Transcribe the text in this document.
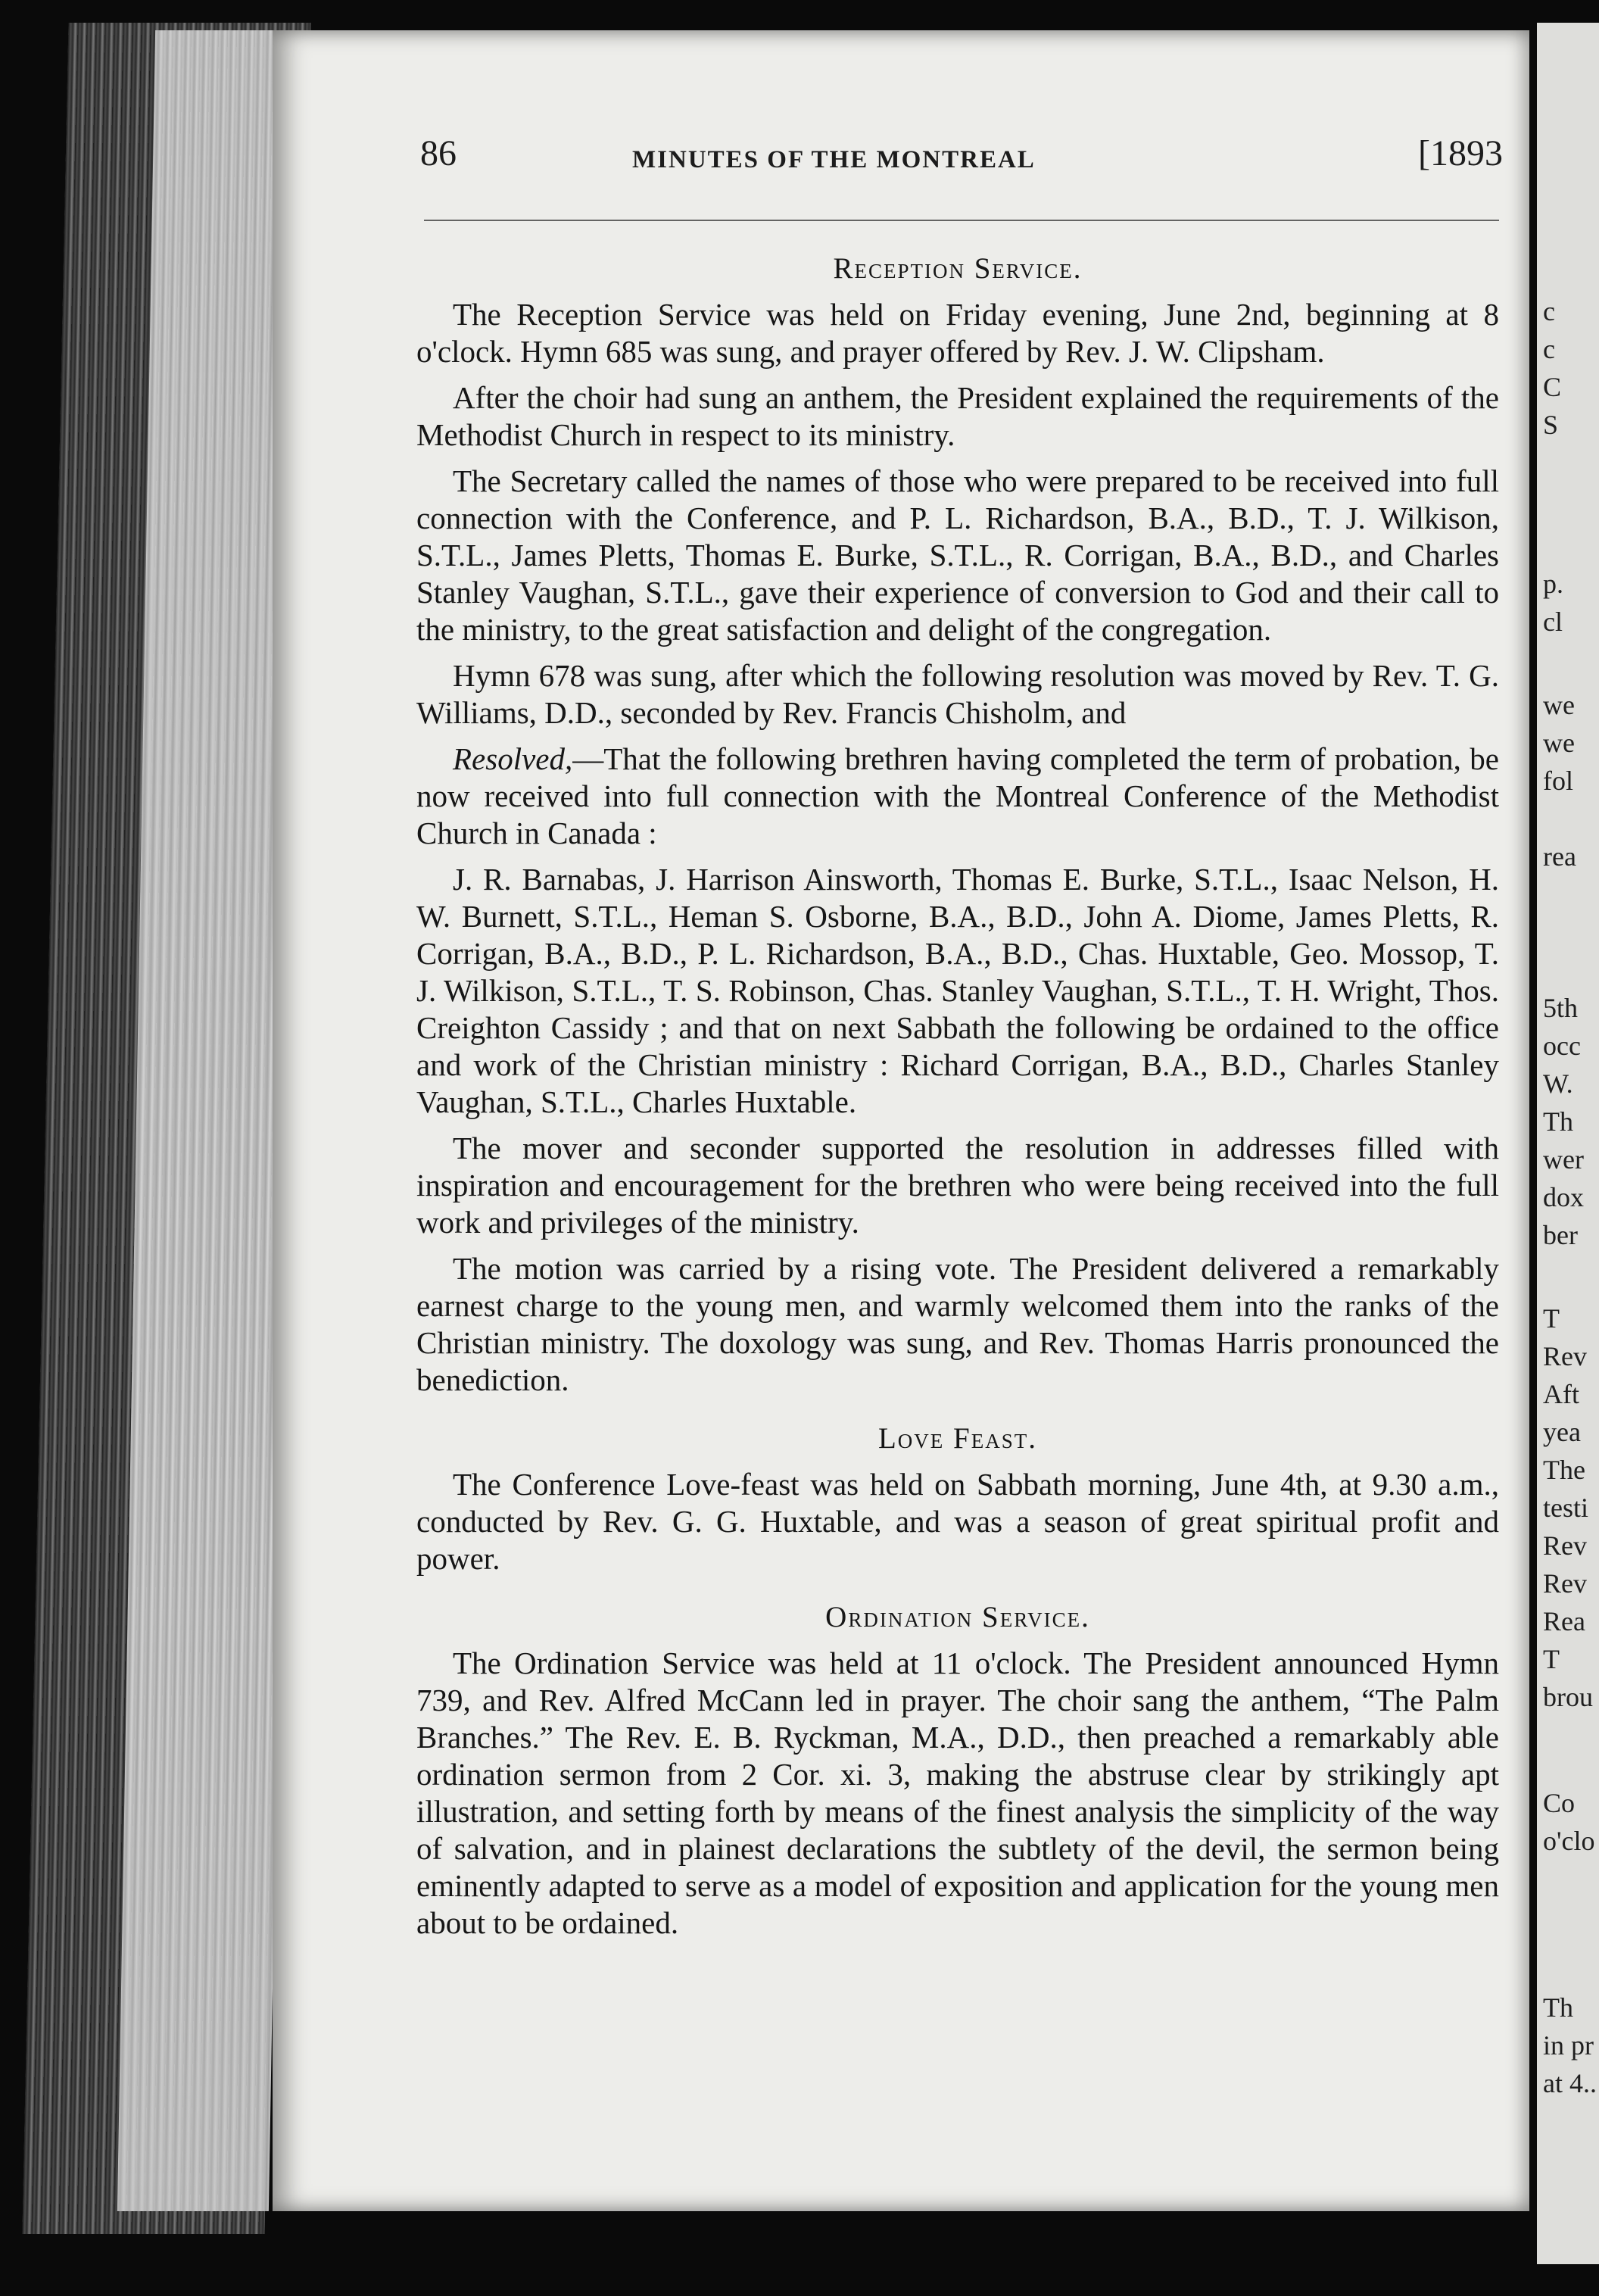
86	MINUTES OF THE MONTREAL	[1893
Reception Service.

The Reception Service was held on Friday evening, June 2nd, beginning at 8 o'clock. Hymn 685 was sung, and prayer offered by Rev. J. W. Clipsham.

After the choir had sung an anthem, the President explained the requirements of the Methodist Church in respect to its ministry.

The Secretary called the names of those who were prepared to be received into full connection with the Conference, and P. L. Richardson, B.A., B.D., T. J. Wilkison, S.T.L., James Pletts, Thomas E. Burke, S.T.L., R. Corrigan, B.A., B.D., and Charles Stanley Vaughan, S.T.L., gave their experience of conversion to God and their call to the ministry, to the great satisfaction and delight of the congregation.

Hymn 678 was sung, after which the following resolution was moved by Rev. T. G. Williams, D.D., seconded by Rev. Francis Chisholm, and

Resolved,—That the following brethren having completed the term of probation, be now received into full connection with the Montreal Conference of the Methodist Church in Canada :

J. R. Barnabas, J. Harrison Ainsworth, Thomas E. Burke, S.T.L., Isaac Nelson, H. W. Burnett, S.T.L., Heman S. Osborne, B.A., B.D., John A. Diome, James Pletts, R. Corrigan, B.A., B.D., P. L. Richardson, B.A., B.D., Chas. Huxtable, Geo. Mossop, T. J. Wilkison, S.T.L., T. S. Robinson, Chas. Stanley Vaughan, S.T.L., T. H. Wright, Thos. Creighton Cassidy ; and that on next Sabbath the following be ordained to the office and work of the Christian ministry : Richard Corrigan, B.A., B.D., Charles Stanley Vaughan, S.T.L., Charles Huxtable.

The mover and seconder supported the resolution in addresses filled with inspiration and encouragement for the brethren who were being received into the full work and privileges of the ministry.

The motion was carried by a rising vote. The President delivered a remarkably earnest charge to the young men, and warmly welcomed them into the ranks of the Christian ministry. The doxology was sung, and Rev. Thomas Harris pronounced the benediction.

Love Feast.

The Conference Love-feast was held on Sabbath morning, June 4th, at 9.30 a.m., conducted by Rev. G. G. Huxtable, and was a season of great spiritual profit and power.

Ordination Service.

The Ordination Service was held at 11 o'clock. The President announced Hymn 739, and Rev. Alfred McCann led in prayer. The choir sang the anthem, “The Palm Branches.” The Rev. E. B. Ryckman, M.A., D.D., then preached a remarkably able ordination sermon from 2 Cor. xi. 3, making the abstruse clear by strikingly apt illustration, and setting forth by means of the finest analysis the simplicity of the way of salvation, and in plainest declarations the subtlety of the devil, the sermon being eminently adapted to serve as a model of exposition and application for the young men about to be ordained.

c
c
C
S
p.
cl
we
we
fol
rea
5th
occ
W.
Th
wer
dox
ber
T
Rev
Aft
yea
The
testi
Rev
Rev
Rea
T
brou
Co
o'clo
Th
in pr
at 4..
